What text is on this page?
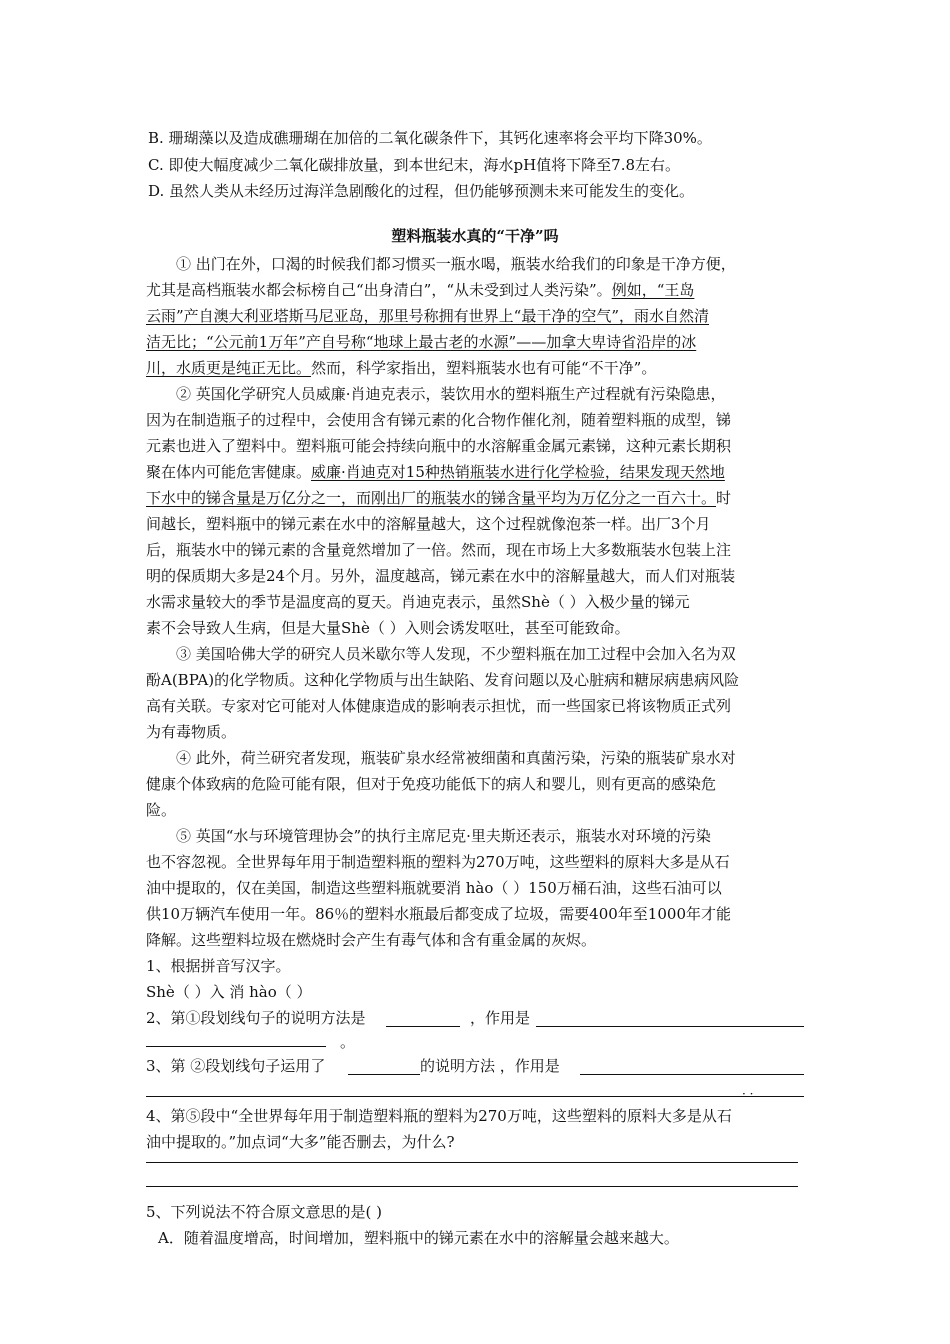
B. 珊瑚藻以及造成礁珊瑚在加倍的二氧化碳条件下，其钙化速率将会平均下降30%。
C. 即使大幅度减少二氧化碳排放量，到本世纪末，海水pH值将下降至7.8左右。
D. 虽然人类从未经历过海洋急剧酸化的过程，但仍能够预测未来可能发生的变化。
塑料瓶装水真的“干净”吗
① 出门在外，口渴的时候我们都习惯买一瓶水喝，瓶装水给我们的印象是干净方便，
尤其是高档瓶装水都会标榜自己“出身清白”，“从未受到过人类污染”。例如，“王岛
云雨”产自澳大利亚塔斯马尼亚岛，那里号称拥有世界上“最干净的空气”，雨水自然清
洁无比；“公元前1万年”产自号称“地球上最古老的水源”——加拿大卑诗省沿岸的冰
川，水质更是纯正无比。然而，科学家指出，塑料瓶装水也有可能“不干净”。
② 英国化学研究人员威廉·肖迪克表示，装饮用水的塑料瓶生产过程就有污染隐患，
因为在制造瓶子的过程中，会使用含有锑元素的化合物作催化剂，随着塑料瓶的成型，锑
元素也进入了塑料中。塑料瓶可能会持续向瓶中的水溶解重金属元素锑，这种元素长期积
聚在体内可能危害健康。威廉·肖迪克对15种热销瓶装水进行化学检验，结果发现天然地
下水中的锑含量是万亿分之一，而刚出厂的瓶装水的锑含量平均为万亿分之一百六十。时
间越长，塑料瓶中的锑元素在水中的溶解量越大，这个过程就像泡茶一样。出厂3个月
后，瓶装水中的锑元素的含量竟然增加了一倍。然而，现在市场上大多数瓶装水包装上注
明的保质期大多是24个月。另外，温度越高，锑元素在水中的溶解量越大，而人们对瓶装
水需求量较大的季节是温度高的夏天。肖迪克表示，虽然Shè（ ）入极少量的锑元
素不会导致人生病，但是大量Shè（ ）入则会诱发呕吐，甚至可能致命。
③ 美国哈佛大学的研究人员米歇尔等人发现，不少塑料瓶在加工过程中会加入名为双
酚A(BPA)的化学物质。这种化学物质与出生缺陷、发育问题以及心脏病和糖尿病患病风险
高有关联。专家对它可能对人体健康造成的影响表示担忧，而一些国家已将该物质正式列
为有毒物质。
④ 此外，荷兰研究者发现，瓶装矿泉水经常被细菌和真菌污染，污染的瓶装矿泉水对
健康个体致病的危险可能有限，但对于免疫功能低下的病人和婴儿，则有更高的感染危
险。
⑤ 英国“水与环境管理协会”的执行主席尼克·里夫斯还表示，瓶装水对环境的污染
也不容忽视。全世界每年用于制造塑料瓶的塑料为270万吨，这些塑料的原料大多是从石
油中提取的，仅在美国，制造这些塑料瓶就要消 hào（ ）150万桶石油，这些石油可以
供10万辆汽车使用一年。86％的塑料水瓶最后都变成了垃圾，需要400年至1000年才能
降解。这些塑料垃圾在燃烧时会产生有毒气体和含有重金属的灰烬。
1、根据拼音写汉字。
Shè（ ）入 消 hào（ ）
2、第①段划线句子的说明方法是	，作用是
。
3、第 ②段划线句子运用了	的说明方法 ，作用是
· ·
4、第⑤段中“全世界每年用于制造塑料瓶的塑料为270万吨，这些塑料的原料大多是从石
油中提取的。”加点词“大多”能否删去，为什么?
5、下列说法不符合原文意思的是( )
A．随着温度增高，时间增加，塑料瓶中的锑元素在水中的溶解量会越来越大。
